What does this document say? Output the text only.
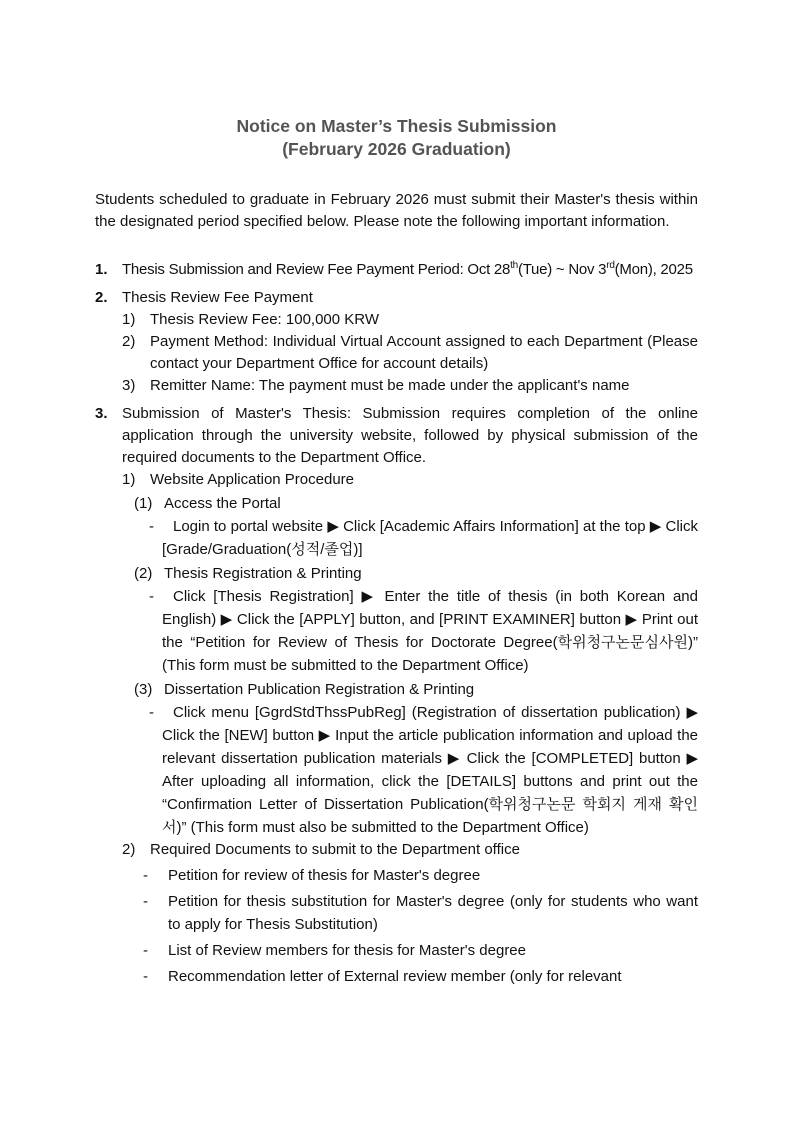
Notice on Master’s Thesis Submission
(February 2026 Graduation)

Students scheduled to graduate in February 2026 must submit their Master's thesis within the designated period specified below. Please note the following important information.

1. Thesis Submission and Review Fee Payment Period: Oct 28th(Tue) ~ Nov 3rd(Mon), 2025
2. Thesis Review Fee Payment
1) Thesis Review Fee: 100,000 KRW
2) Payment Method: Individual Virtual Account assigned to each Department (Please contact your Department Office for account details)
3) Remitter Name: The payment must be made under the applicant's name
3. Submission of Master's Thesis: Submission requires completion of the online application through the university website, followed by physical submission of the required documents to the Department Office.
1) Website Application Procedure
(1) Access the Portal
- Login to portal website ▶ Click [Academic Affairs Information] at the top ▶ Click [Grade/Graduation(성적/졸업)]
(2) Thesis Registration & Printing
- Click [Thesis Registration] ▶ Enter the title of thesis (in both Korean and English) ▶ Click the [APPLY] button, and [PRINT EXAMINER] button ▶ Print out the “Petition for Review of Thesis for Doctorate Degree(학위청구논문심사원)” (This form must be submitted to the Department Office)
(3) Dissertation Publication Registration & Printing
- Click menu [GgrdStdThssPubReg] (Registration of dissertation publication) ▶ Click the [NEW] button ▶ Input the article publication information and upload the relevant dissertation publication materials ▶ Click the [COMPLETED] button ▶ After uploading all information, click the [DETAILS] buttons and print out the “Confirmation Letter of Dissertation Publication(학위청구논문 학회지 게재 확인서)” (This form must also be submitted to the Department Office)
2) Required Documents to submit to the Department office
- Petition for review of thesis for Master's degree
- Petition for thesis substitution for Master's degree (only for students who want to apply for Thesis Substitution)
- List of Review members for thesis for Master's degree
- Recommendation letter of External review member (only for relevant
